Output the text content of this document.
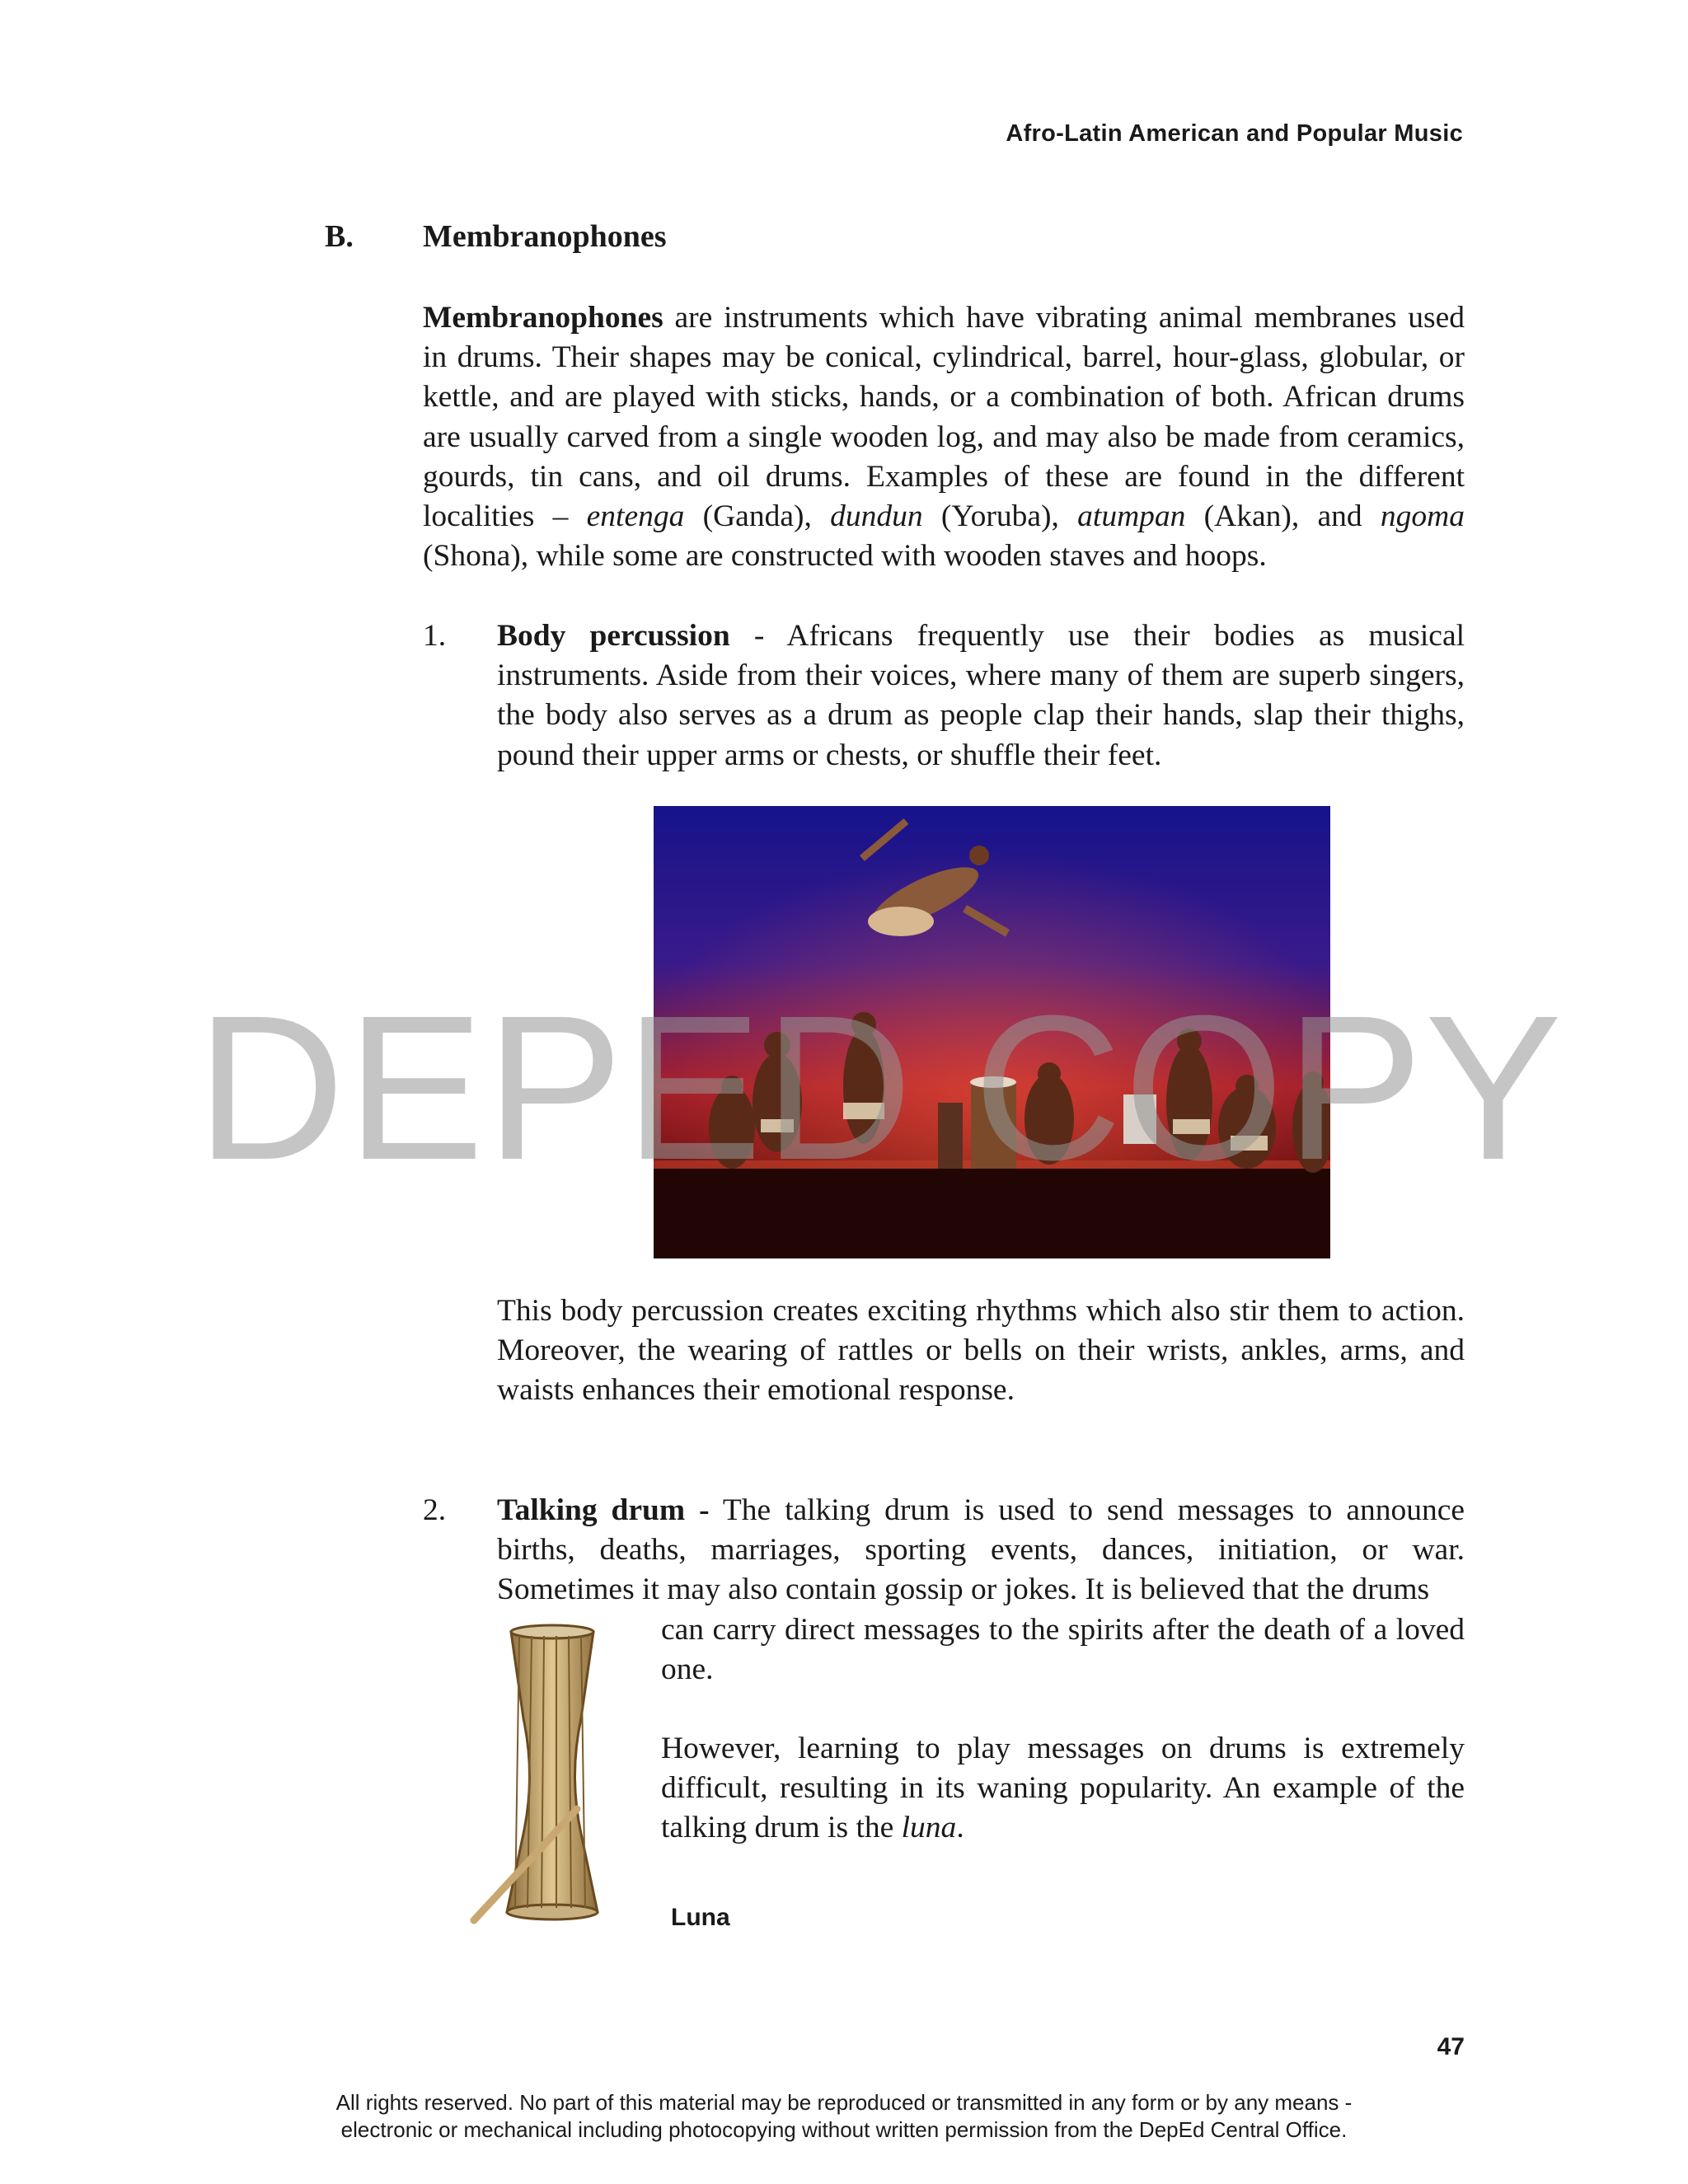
Afro-Latin American and Popular Music
B. Membranophones

Membranophones are instruments which have vibrating animal membranes used in drums. Their shapes may be conical, cylindrical, barrel, hour-glass, globular, or kettle, and are played with sticks, hands, or a combination of both. African drums are usually carved from a single wooden log, and may also be made from ceramics, gourds, tin cans, and oil drums. Examples of these are found in the different localities – entenga (Ganda), dundun (Yoruba), atumpan (Akan), and ngoma (Shona), while some are constructed with wooden staves and hoops.

1. Body percussion - Africans frequently use their bodies as musical instruments. Aside from their voices, where many of them are superb singers, the body also serves as a drum as people clap their hands, slap their thighs, pound their upper arms or chests, or shuffle their feet.

DEPED COPY

This body percussion creates exciting rhythms which also stir them to action. Moreover, the wearing of rattles or bells on their wrists, ankles, arms, and waists enhances their emotional response.

2. Talking drum - The talking drum is used to send messages to announce births, deaths, marriages, sporting events, dances, initiation, or war. Sometimes it may also contain gossip or jokes. It is believed that the drums

can carry direct messages to the spirits after the death of a loved one.

However, learning to play messages on drums is extremely difficult, resulting in its waning popularity. An example of the talking drum is the luna.

Luna
47
All rights reserved. No part of this material may be reproduced or transmitted in any form or by any means -
electronic or mechanical including photocopying without written permission from the DepEd Central Office.
